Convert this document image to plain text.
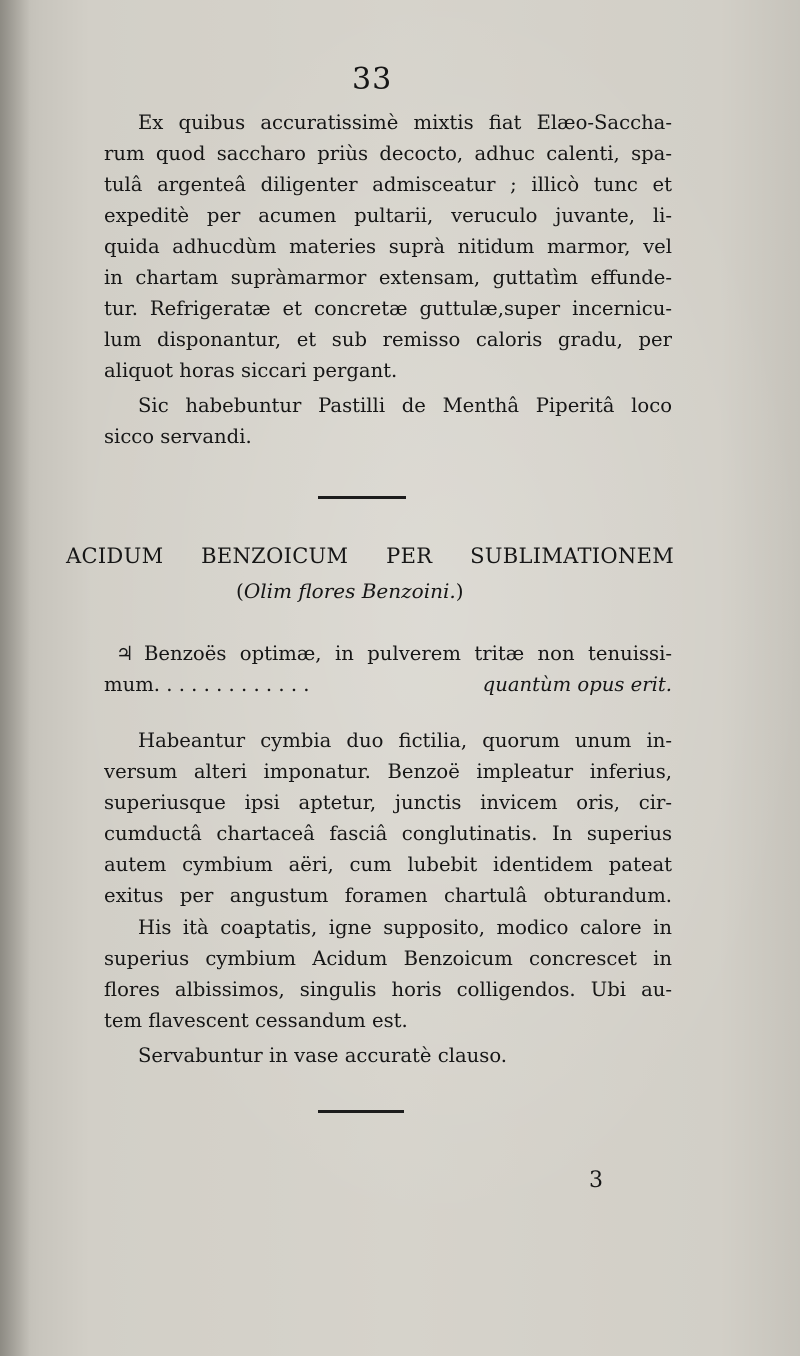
33
Ex quibus accuratissimè mixtis fiat Elæo-Saccha-
rum quod saccharo priùs decocto, adhuc calenti, spa-
tulâ argenteâ diligenter admisceatur ; illicò tunc et
expeditè per acumen pultarii, veruculo juvante, li-
quida adhucdùm materies suprà nitidum marmor, vel
in chartam supràmarmor extensam, guttatìm effunde-
tur. Refrigeratæ et concretæ guttulæ,super incernicu-
lum disponantur, et sub remisso caloris gradu, per
aliquot horas siccari pergant.
Sic habebuntur Pastilli de Menthâ Piperitâ loco
sicco servandi.
ACIDUM BENZOICUM PER SUBLIMATIONEM
(Olim flores Benzoini.)
♃ Benzoës optimæ, in pulverem tritæ non tenuissi-
mum. . . . . . . . . . . . .	quantùm opus erit.
Habeantur cymbia duo fictilia, quorum unum in-
versum alteri imponatur. Benzoë impleatur inferius,
superiusque ipsi aptetur, junctis invicem oris, cir-
cumductâ chartaceâ fasciâ conglutinatis. In superius
autem cymbium aëri, cum lubebit identidem pateat
exitus per angustum foramen chartulâ obturandum.
His ità coaptatis, igne supposito, modico calore in
superius cymbium Acidum Benzoicum concrescet in
flores albissimos, singulis horis colligendos. Ubi au-
tem flavescent cessandum est.
Servabuntur in vase accuratè clauso.
3
